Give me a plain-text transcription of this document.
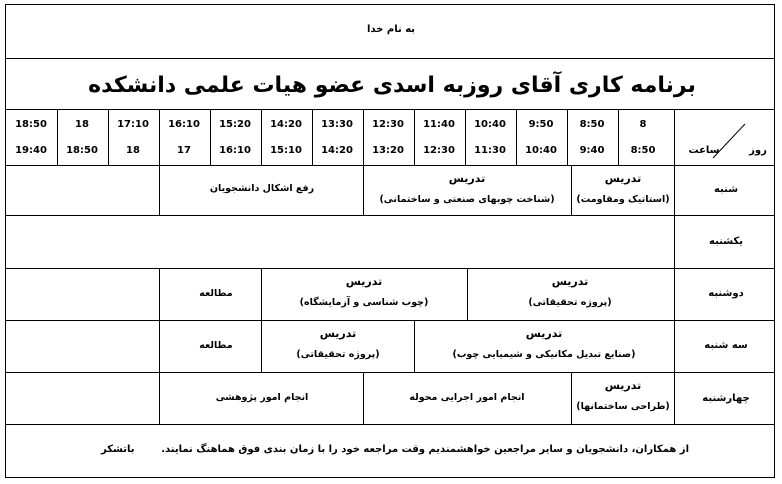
به نام خدا
برنامه کاری آقای روزبه اسدی عضو هیات علمی دانشکده
روز
ساعت
8
8:50
8:50
9:40
9:50
10:40
10:40
11:30
11:40
12:30
12:30
13:20
13:30
14:20
14:20
15:10
15:20
16:10
16:10
17
17:10
18
18
18:50
18:50
19:40
شنبه
یکشنبه
دوشنبه
سه شنبه
چهارشنبه
تدریس
(استاتیک ومقاومت)
تدریس
(شناخت چوبهای صنعتی و ساختمانی)
رفع اشکال دانشجویان
تدریس
(پروژه تحقیقاتی)
تدریس
(چوب شناسی و آزمایشگاه)
مطالعه
تدریس
(صنایع تبدیل مکانیکی و شیمیایی چوب)
تدریس
(پروژه تحقیقاتی)
مطالعه
تدریس
(طراحی ساختمانها)
انجام امور اجرایی محوله
انجام امور پژوهشی
از همکاران، دانشجویان و سایر مراجعین خواهشمندیم وقت مراجعه خود را با زمان بندی فوق هماهنگ نمایند.
باتشکر
